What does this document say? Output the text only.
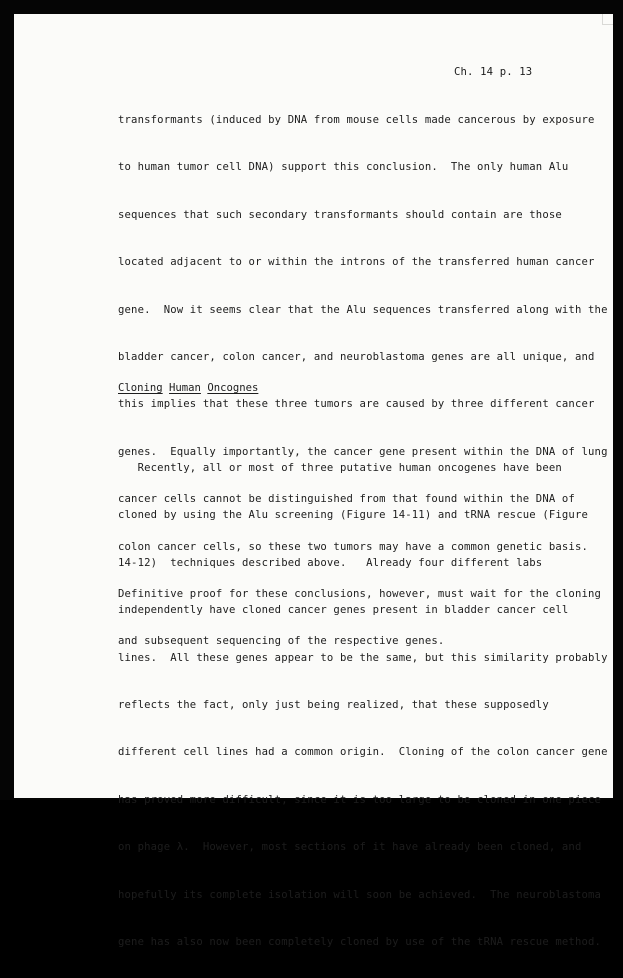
Ch. 14 p. 13

transformants (induced by DNA from mouse cells made cancerous by exposure

to human tumor cell DNA) support this conclusion.  The only human Alu

sequences that such secondary transformants should contain are those

located adjacent to or within the introns of the transferred human cancer

gene.  Now it seems clear that the Alu sequences transferred along with the

bladder cancer, colon cancer, and neuroblastoma genes are all unique, and

this implies that these three tumors are caused by three different cancer

genes.  Equally importantly, the cancer gene present within the DNA of lung

cancer cells cannot be distinguished from that found within the DNA of

colon cancer cells, so these two tumors may have a common genetic basis.

Definitive proof for these conclusions, however, must wait for the cloning

and subsequent sequencing of the respective genes.

Cloning Human Oncognes

Recently, all or most of three putative human oncogenes have been

cloned by using the Alu screening (Figure 14-11) and tRNA rescue (Figure

14-12)  techniques described above.   Already four different labs

independently have cloned cancer genes present in bladder cancer cell

lines.  All these genes appear to be the same, but this similarity probably

reflects the fact, only just being realized, that these supposedly

different cell lines had a common origin.  Cloning of the colon cancer gene

has proved more difficult, since it is too large to be cloned in one piece

on phage λ.  However, most sections of it have already been cloned, and

hopefully its complete isolation will soon be achieved.  The neuroblastoma

gene has also now been completely cloned by use of the tRNA rescue method.
